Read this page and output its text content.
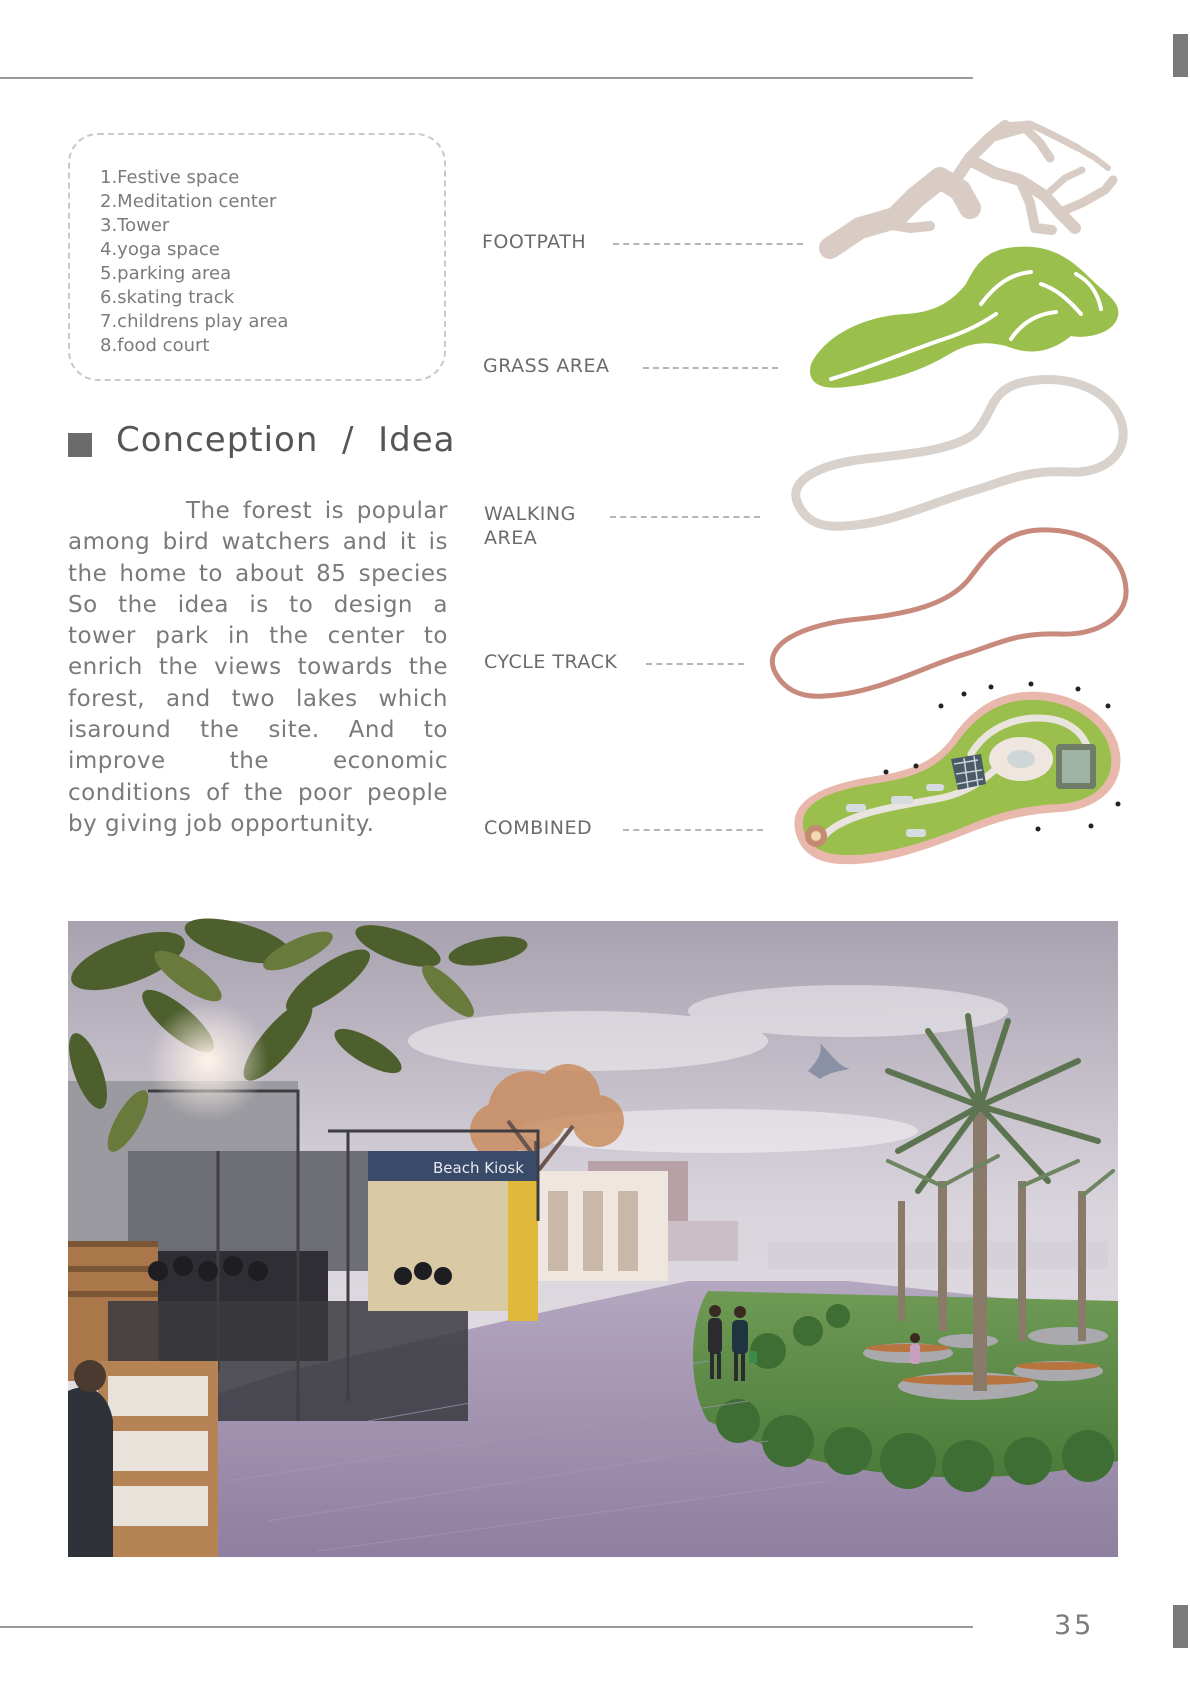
1.Festive space
2.Meditation center
3.Tower
4.yoga space
5.parking area
6.skating track
7.childrens play area
8.food court
Conception  /  Idea
The forest is popular among bird watchers and it is the home to about 85 species So the idea is to design a tower park in the center to enrich the views towards the forest, and two lakes which isaround the site. And to improve the economic conditions of the poor people by giving job opportunity.
FOOTPATH
GRASS AREA
WALKING
AREA
CYCLE TRACK
COMBINED
Beach Kiosk
35
